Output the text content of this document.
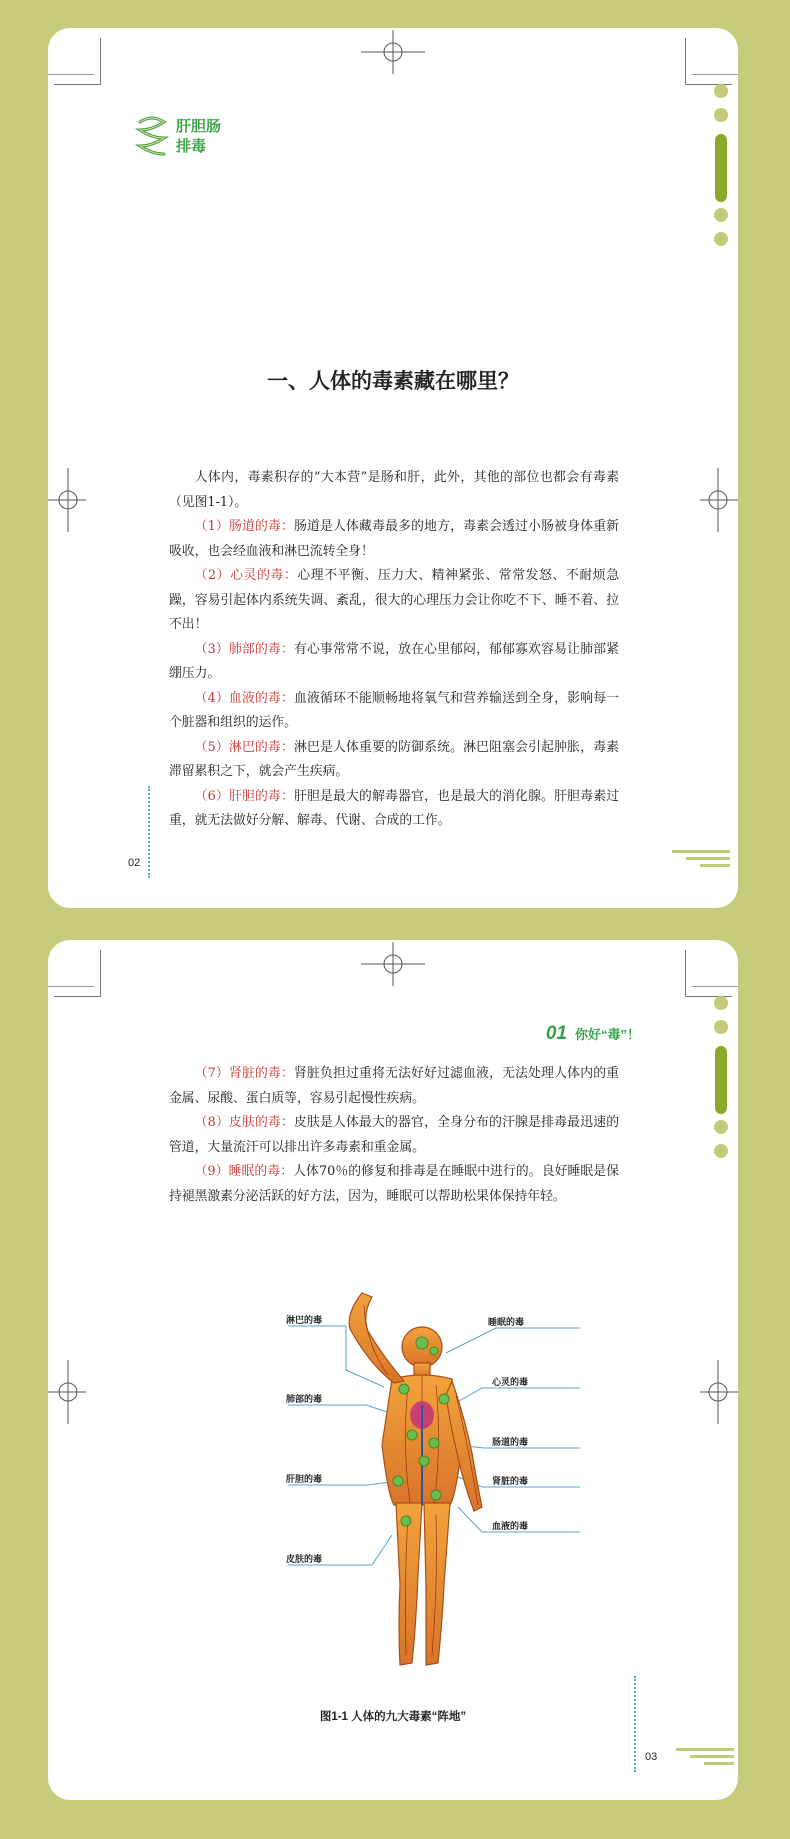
肝胆肠
排毒
一、人体的毒素藏在哪里？

人体内，毒素积存的“大本营”是肠和肝，此外，其他的部位也都会有毒素（见图1-1）。

（1）肠道的毒：肠道是人体藏毒最多的地方，毒素会透过小肠被身体重新吸收，也会经血液和淋巴流转全身！

（2）心灵的毒：心理不平衡、压力大、精神紧张、常常发怒、不耐烦急躁，容易引起体内系统失调、紊乱，很大的心理压力会让你吃不下、睡不着、拉不出！

（3）肺部的毒：有心事常常不说，放在心里郁闷，郁郁寡欢容易让肺部紧绷压力。

（4）血液的毒：血液循环不能顺畅地将氧气和营养输送到全身，影响每一个脏器和组织的运作。

（5）淋巴的毒：淋巴是人体重要的防御系统。淋巴阻塞会引起肿胀，毒素滞留累积之下，就会产生疾病。

（6）肝胆的毒：肝胆是最大的解毒器官，也是最大的消化腺。肝胆毒素过重，就无法做好分解、解毒、代谢、合成的工作。

02
01 你好“毒”！

（7）肾脏的毒：肾脏负担过重将无法好好过滤血液，无法处理人体内的重金属、尿酸、蛋白质等，容易引起慢性疾病。

（8）皮肤的毒：皮肤是人体最大的器官，全身分布的汗腺是排毒最迅速的管道，大量流汗可以排出许多毒素和重金属。

（9）睡眠的毒：人体70％的修复和排毒是在睡眠中进行的。良好睡眠是保持褪黑激素分泌活跃的好方法，因为，睡眠可以帮助松果体保持年轻。

淋巴的毒
肺部的毒
肝胆的毒
皮肤的毒
睡眠的毒
心灵的毒
肠道的毒
肾脏的毒
血液的毒
图1-1 人体的九大毒素“阵地”
03
